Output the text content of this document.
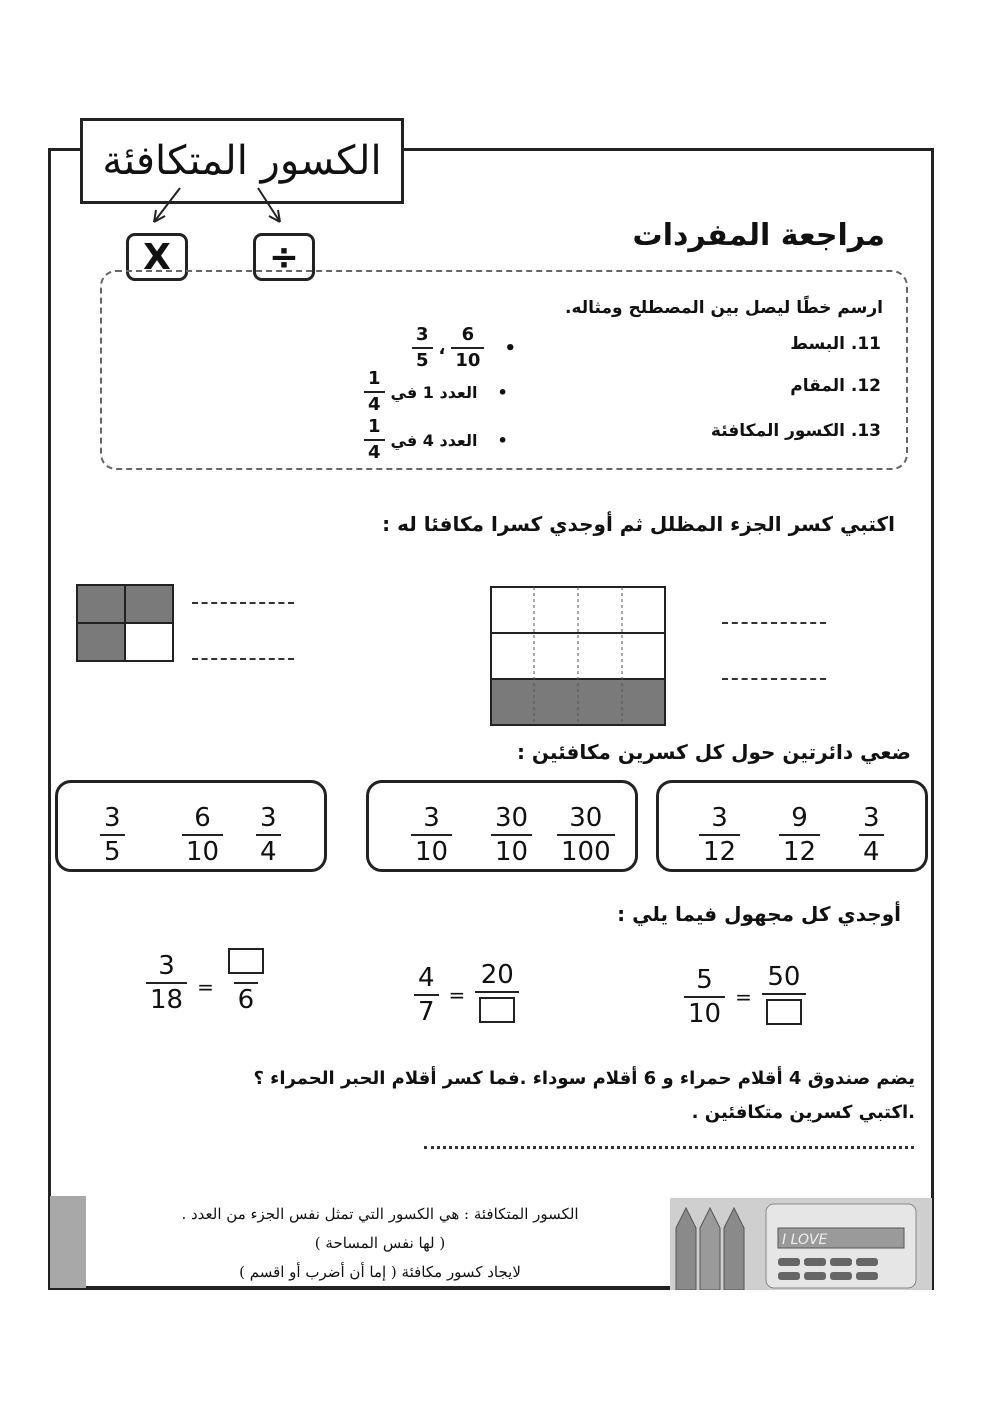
الكسور المتكافئة
X	÷
مراجعة المفردات
ارسم خطًا ليصل بين المصطلح ومثاله.
11. البسط
12. المقام
13. الكسور المكافئة
$\frac{3}{5}$ ، $\frac{6}{10}$ •
$\frac{1}{4}$ العدد 1 في •
$\frac{1}{4}$ العدد 4 في •
اكتبي كسر الجزء المظلل ثم أوجدي كسرا مكافئا له :
ضعي دائرتين حول كل كسرين مكافئين :
$\frac{3}{12} \frac{9}{12} \frac{3}{4}$
$\frac{3}{10} \frac{30}{10} \frac{30}{100}$
$\frac{3}{5} \frac{6}{10} \frac{3}{4}$
أوجدي كل مجهول فيما يلي :
$\frac{5}{10}$ =
50
$\frac{4}{7}$ =
20
$\frac{3}{18} = 6$
يضم صندوق 4 أقلام حمراء و 6 أقلام سوداء .فما كسر أقلام الحبر الحمراء ؟
.اكتبي كسرين متكافئين .
الكسور المتكافئة : هي الكسور التي تمثل نفس الجزء من العدد .
( لها نفس المساحة )
لايجاد كسور مكافئة ( إما أن أضرب أو اقسم )
I LOVE
